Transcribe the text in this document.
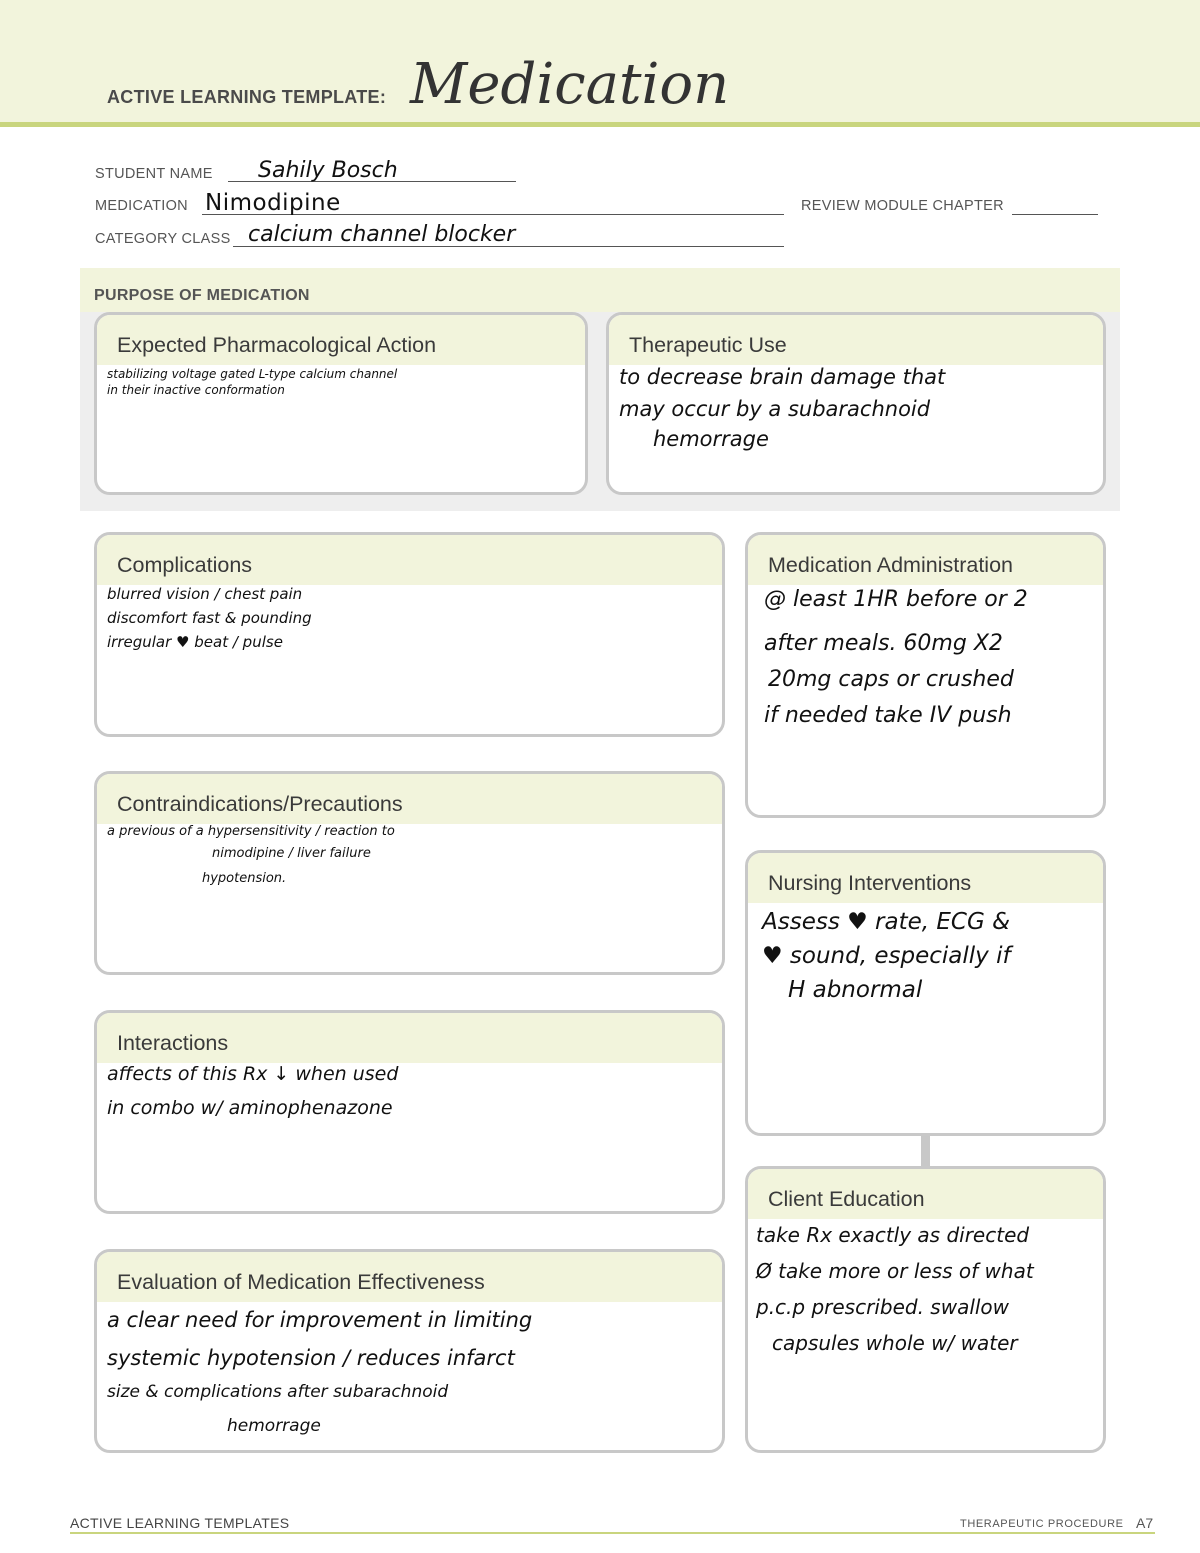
ACTIVE LEARNING TEMPLATE: Medication
STUDENT NAME Sahily Bosch
MEDICATION Nimodipine	REVIEW MODULE CHAPTER
CATEGORY CLASS calcium channel blocker
PURPOSE OF MEDICATION
Expected Pharmacological Action
stabilizing voltage gated L-type calcium channel
in their inactive conformation
Therapeutic Use
to decrease brain damage that
may occur by a subarachnoid
hemorrage
Complications
blurred vision / chest pain
discomfort fast & pounding
irregular ♥ beat / pulse
Contraindications/Precautions
a previous of a hypersensitivity / reaction to
nimodipine / liver failure
hypotension.
Interactions
affects of this Rx ↓ when used
in combo w/ aminophenazone
Evaluation of Medication Effectiveness
a clear need for improvement in limiting
systemic hypotension / reduces infarct
size & complications after subarachnoid
hemorrage
Medication Administration
@ least 1HR before or 2
after meals. 60mg X2
20mg caps or crushed
if needed take IV push
Nursing Interventions
Assess ♥ rate, ECG &
♥ sound, especially if
H abnormal
Client Education
take Rx exactly as directed
Ø take more or less of what
p.c.p prescribed. swallow
capsules whole w/ water
ACTIVE LEARNING TEMPLATES	THERAPEUTIC PROCEDURE A7
